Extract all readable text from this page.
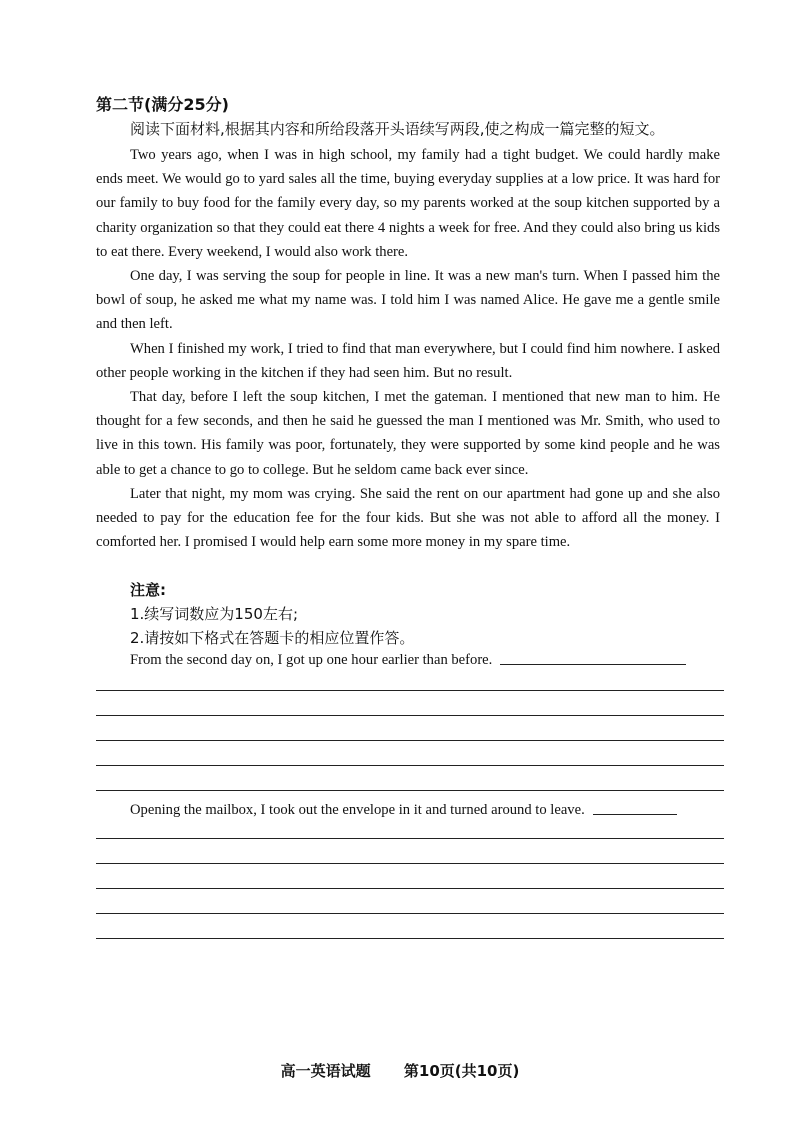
第二节(满分25分)
阅读下面材料,根据其内容和所给段落开头语续写两段,使之构成一篇完整的短文。

Two years ago, when I was in high school, my family had a tight budget. We could hardly make ends meet. We would go to yard sales all the time, buying everyday supplies at a low price. It was hard for our family to buy food for the family every day, so my parents worked at the soup kitchen supported by a charity organization so that they could eat there 4 nights a week for free. And they could also bring us kids to eat there. Every weekend, I would also work there.

One day, I was serving the soup for people in line. It was a new man's turn. When I passed him the bowl of soup, he asked me what my name was. I told him I was named Alice. He gave me a gentle smile and then left.

When I finished my work, I tried to find that man everywhere, but I could find him nowhere. I asked other people working in the kitchen if they had seen him. But no result.

That day, before I left the soup kitchen, I met the gateman. I mentioned that new man to him. He thought for a few seconds, and then he said he guessed the man I mentioned was Mr. Smith, who used to live in this town. His family was poor, fortunately, they were supported by some kind people and he was able to get a chance to go to college. But he seldom came back ever since.

Later that night, my mom was crying. She said the rent on our apartment had gone up and she also needed to pay for the education fee for the four kids. But she was not able to afford all the money. I comforted her. I promised I would help earn some more money in my spare time.

注意:
1.续写词数应为150左右;
2.请按如下格式在答题卡的相应位置作答。
From the second day on, I got up one hour earlier than before.
Opening the mailbox, I took out the envelope in it and turned around to leave.
高一英语试题 第10页(共10页)
